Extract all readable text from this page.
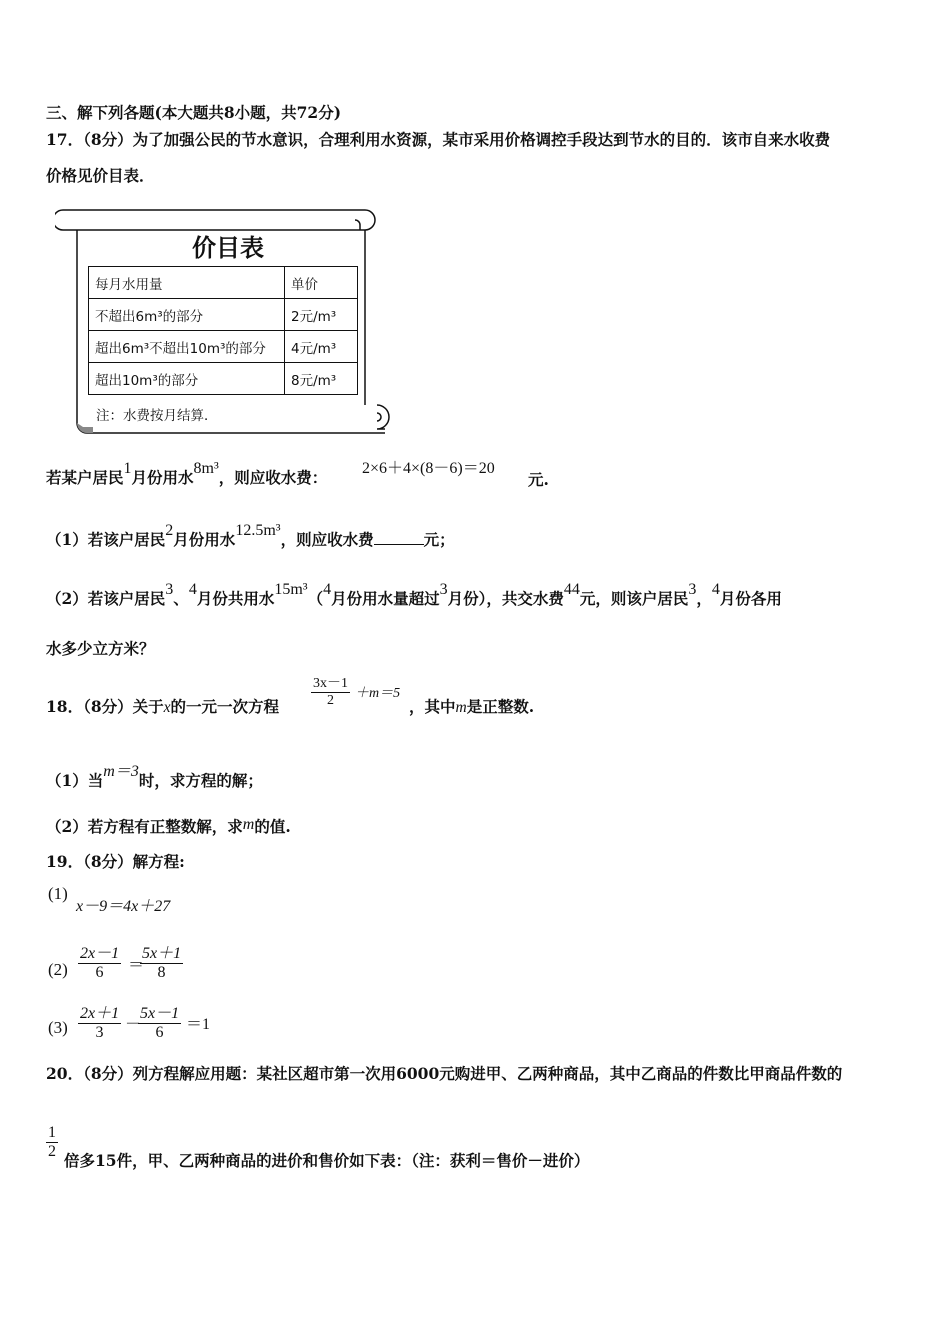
三、解下列各题(本大题共8小题，共72分)
17．（8分）为了加强公民的节水意识，合理利用水资源，某市采用价格调控手段达到节水的目的．该市自来水收费
价格见价目表．
价目表
每月水用量	单价
不超出6m³的部分	2元∕m³
超出6m³不超出10m³的部分	4元∕m³
超出10m³的部分	8元∕m³
注：水费按月结算．
若某户居民1月份用水8m³，则应收水费： 2×6＋4×(8－6)＝20
元.
（1）若该户居民2月份用水12.5m³，则应收水费	元；
（2）若该户居民3、4月份共用水15m³（4月份用水量超过3月份），共交水费44元，则该户居民3，4月份各用
水多少立方米？
18．（8分）关于x的一元一次方程 $\frac{3x-1}{2} +m=5$
，其中m是正整数.
（1）当m＝3时，求方程的解；
（2）若方程有正整数解，求m的值.
19．（8分）解方程:
(1)
x－9＝4x＋27
$(2) \frac{2x-1}{6}$ ＝
$\frac{5x+1}{8}$
$(3) \frac{2x+1}{3}$ －
$\frac{5x-1}{6} =1$
20．（8分）列方程解应用题：某社区超市第一次用6000元购进甲、乙两种商品，其中乙商品的件数比甲商品件数的
$\frac{1}{2}$ 倍多15件，甲、乙两种商品的进价和售价如下表：（注：获利＝售价－进价）
